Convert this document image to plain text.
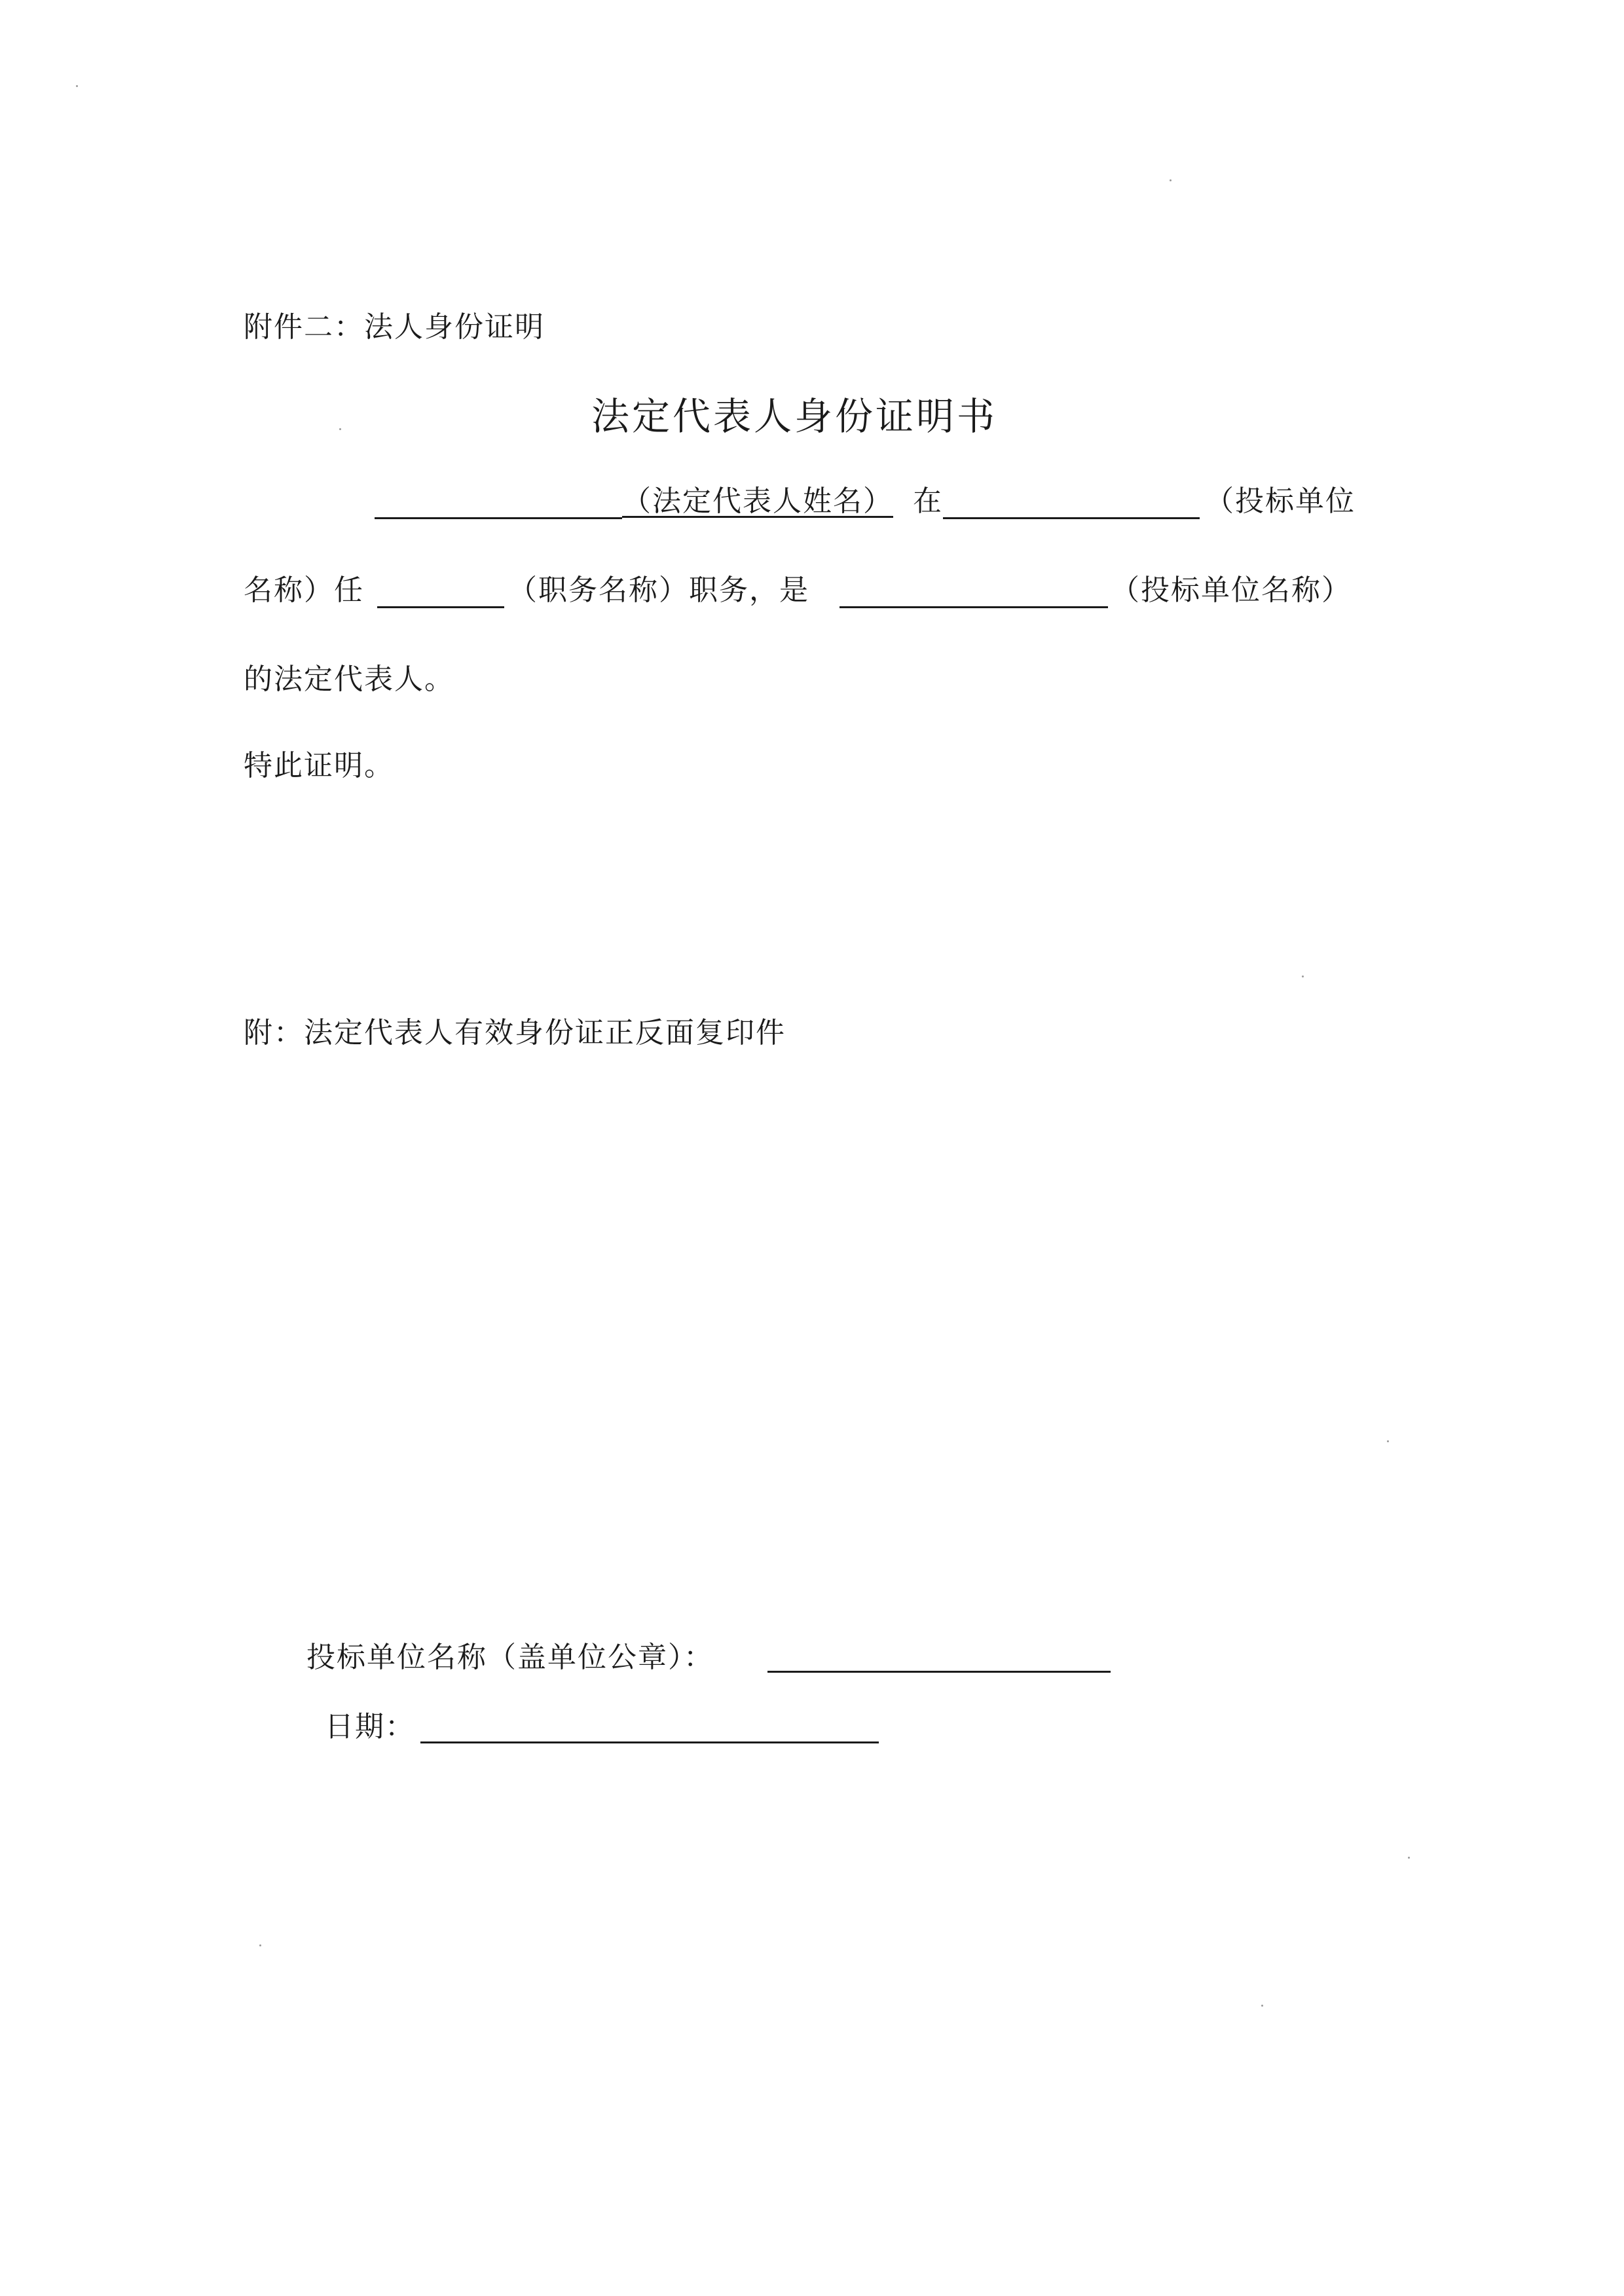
附件二：法人身份证明
法定代表人身份证明书
（法定代表人姓名） 在	（投标单位
名称）任	（职务名称）职务，是	（投标单位名称）
的法定代表人。
特此证明。
附：法定代表人有效身份证正反面复印件
投标单位名称（盖单位公章）：
日期：
